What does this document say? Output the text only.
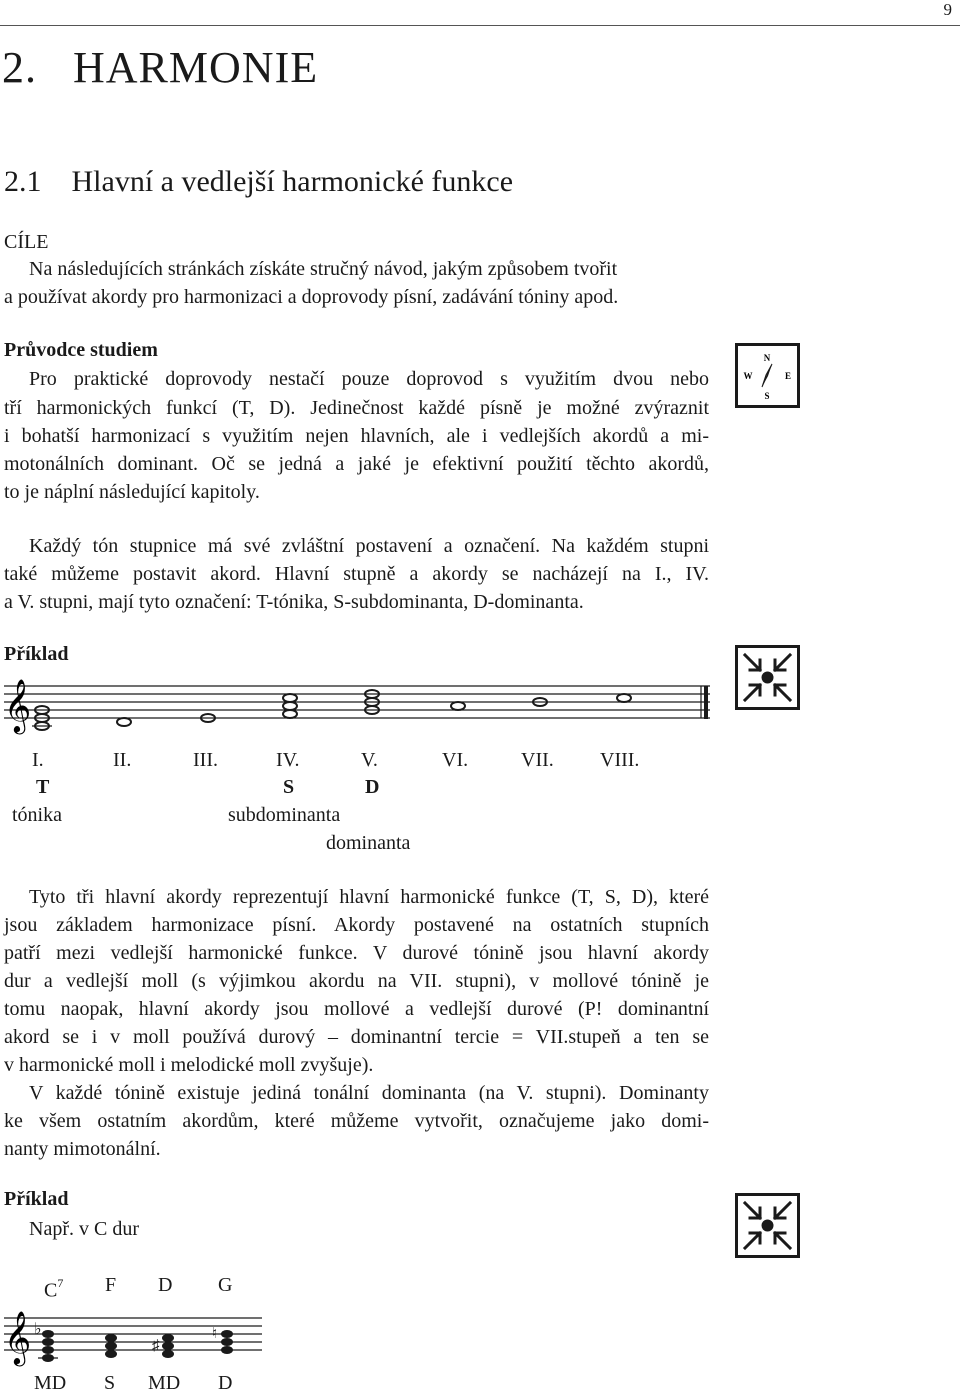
9
2.   HARMONIE
2.1    Hlavní a vedlejší harmonické funkce
CÍLE
Na následujících stránkách získáte stručný návod, jakým způsobem tvořit
a používat akordy pro harmonizaci a doprovody písní, zadávání tóniny apod.
Průvodce studiem
Pro praktické doprovody nestačí pouze doprovod s využitím dvou nebo
tří harmonických funkcí (T, D). Jedinečnost každé písně je možné zvýraznit
i bohatší harmonizací s využitím nejen hlavních, ale i vedlejších akordů a mi-
motonálních dominant. Oč se jedná a jaké je efektivní použití těchto akordů,
to je náplní následující kapitoly.
N
W	E
S
Každý tón stupnice má své zvláštní postavení a označení. Na každém stupni
také můžeme postavit akord. Hlavní stupně a akordy se nacházejí na I., IV.
a V. stupni, mají tyto označení: T-tónika, S-subdominanta, D-dominanta.
Příklad
𝄞
I.	II.	III.	IV.	V.	VI.	VII. VIII.
T	S	D
tónika	subdominanta
dominanta
Tyto tři hlavní akordy reprezentují hlavní harmonické funkce (T, S, D), které
jsou základem harmonizace písní. Akordy postavené na ostatních stupních
patří mezi vedlejší harmonické funkce. V durové tónině jsou hlavní akordy
dur a vedlejší moll (s výjimkou akordu na VII. stupni), v mollové tónině je
tomu naopak, hlavní akordy jsou mollové a vedlejší durové (P! dominantní
akord se i v moll používá durový – dominantní tercie = VII.stupeň a ten se
v harmonické moll i melodické moll zvyšuje).
V každé tónině existuje jediná tonální dominanta (na V. stupni). Dominanty
ke všem ostatním akordům, které můžeme vytvořit, označujeme jako domi-
nanty mimotonální.
Příklad
Např. v C dur
$C^7$ F D G
𝄞 ♭
♯
♮
MD S MD D
